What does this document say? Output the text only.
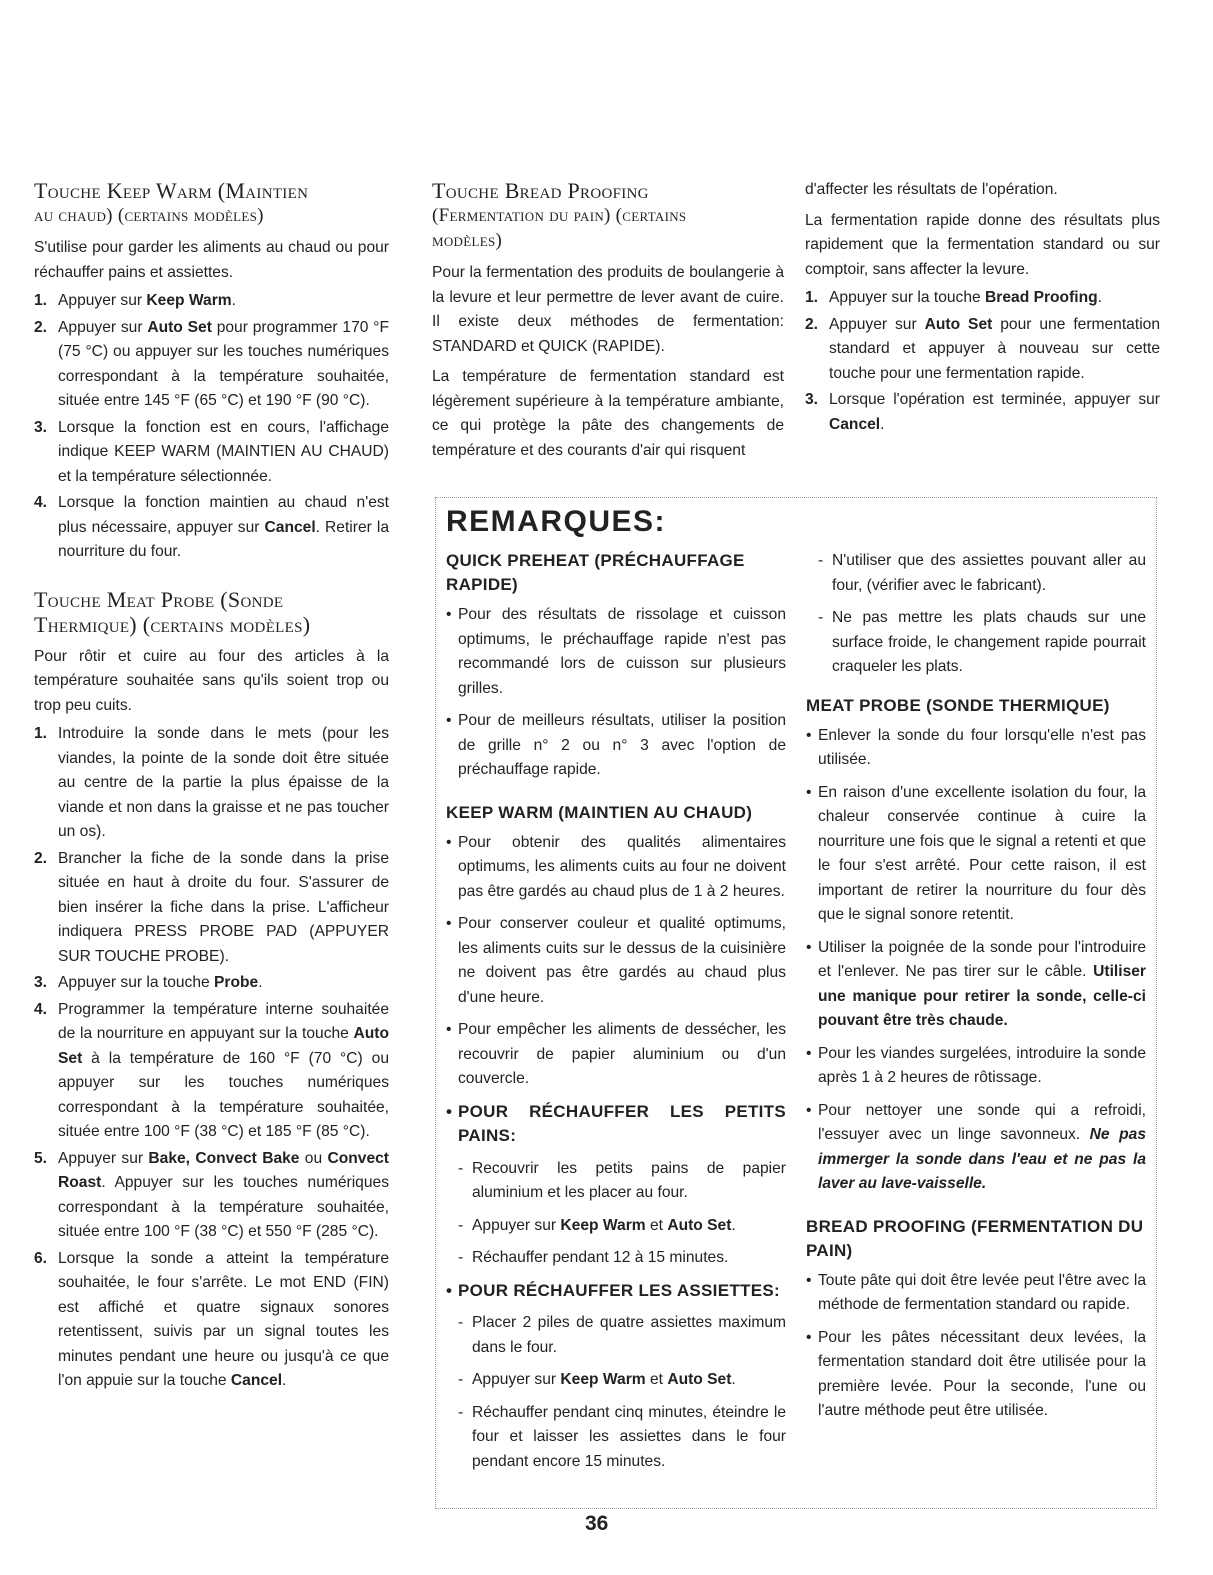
Touche Keep Warm (Maintien
au chaud) (certains modèles)

S'utilise pour garder les aliments au chaud ou pour réchauffer pains et assiettes.

1. Appuyer sur Keep Warm.
2. Appuyer sur Auto Set pour programmer 170 °F (75 °C) ou appuyer sur les touches numériques correspondant à la température souhaitée, située entre 145 °F (65 °C) et 190 °F (90 °C).
3. Lorsque la fonction est en cours, l'affichage indique KEEP WARM (MAINTIEN AU CHAUD) et la température sélectionnée.
4. Lorsque la fonction maintien au chaud n'est plus nécessaire, appuyer sur Cancel. Retirer la nourriture du four.
Touche Meat Probe (Sonde
Thermique) (certains modèles)

Pour rôtir et cuire au four des articles à la température souhaitée sans qu'ils soient trop ou trop peu cuits.

1. Introduire la sonde dans le mets (pour les viandes, la pointe de la sonde doit être située au centre de la partie la plus épaisse de la viande et non dans la graisse et ne pas toucher un os).
2. Brancher la fiche de la sonde dans la prise située en haut à droite du four. S'assurer de bien insérer la fiche dans la prise. L'afficheur indiquera PRESS PROBE PAD (APPUYER SUR TOUCHE PROBE).
3. Appuyer sur la touche Probe.
4. Programmer la température interne souhaitée de la nourriture en appuyant sur la touche Auto Set à la température de 160 °F (70 °C) ou appuyer sur les touches numériques correspondant à la température souhaitée, située entre 100 °F (38 °C) et 185 °F (85 °C).
5. Appuyer sur Bake, Convect Bake ou Convect Roast. Appuyer sur les touches numériques correspondant à la température souhaitée, située entre 100 °F (38 °C) et 550 °F (285 °C).
6. Lorsque la sonde a atteint la température souhaitée, le four s'arrête. Le mot END (FIN) est affiché et quatre signaux sonores retentissent, suivis par un signal toutes les minutes pendant une heure ou jusqu'à ce que l'on appuie sur la touche Cancel.
Touche Bread Proofing
(Fermentation du pain) (certains
modèles)

Pour la fermentation des produits de boulangerie à la levure et leur permettre de lever avant de cuire. Il existe deux méthodes de fermentation: STANDARD et QUICK (RAPIDE).

La température de fermentation standard est légèrement supérieure à la température ambiante, ce qui protège la pâte des changements de température et des courants d'air qui risquent

d'affecter les résultats de l'opération.

La fermentation rapide donne des résultats plus rapidement que la fermentation standard ou sur comptoir, sans affecter la levure.

1. Appuyer sur la touche Bread Proofing.
2. Appuyer sur Auto Set pour une fermentation standard et appuyer à nouveau sur cette touche pour une fermentation rapide.
3. Lorsque l'opération est terminée, appuyer sur Cancel.
REMARQUES:
QUICK PREHEAT (PRÉCHAUFFAGE RAPIDE)
• Pour des résultats de rissolage et cuisson optimums, le préchauffage rapide n'est pas recommandé lors de cuisson sur plusieurs grilles.
• Pour de meilleurs résultats, utiliser la position de grille n° 2 ou n° 3 avec l'option de préchauffage rapide.
KEEP WARM (MAINTIEN AU CHAUD)
• Pour obtenir des qualités alimentaires optimums, les aliments cuits au four ne doivent pas être gardés au chaud plus de 1 à 2 heures.
• Pour conserver couleur et qualité optimums, les aliments cuits sur le dessus de la cuisinière ne doivent pas être gardés au chaud plus d'une heure.
• Pour empêcher les aliments de dessécher, les recouvrir de papier aluminium ou d'un couvercle.
• POUR RÉCHAUFFER LES PETITS PAINS:
- Recouvrir les petits pains de papier aluminium et les placer au four.
- Appuyer sur Keep Warm et Auto Set.
- Réchauffer pendant 12 à 15 minutes.
• POUR RÉCHAUFFER LES ASSIETTES:
- Placer 2 piles de quatre assiettes maximum dans le four.
- Appuyer sur Keep Warm et Auto Set.
- Réchauffer pendant cinq minutes, éteindre le four et laisser les assiettes dans le four pendant encore 15 minutes.
- N'utiliser que des assiettes pouvant aller au four, (vérifier avec le fabricant).
- Ne pas mettre les plats chauds sur une surface froide, le changement rapide pourrait craqueler les plats.
MEAT PROBE (SONDE THERMIQUE)
• Enlever la sonde du four lorsqu'elle n'est pas utilisée.
• En raison d'une excellente isolation du four, la chaleur conservée continue à cuire la nourriture une fois que le signal a retenti et que le four s'est arrêté. Pour cette raison, il est important de retirer la nourriture du four dès que le signal sonore retentit.
• Utiliser la poignée de la sonde pour l'introduire et l'enlever. Ne pas tirer sur le câble. Utiliser une manique pour retirer la sonde, celle-ci pouvant être très chaude.
• Pour les viandes surgelées, introduire la sonde après 1 à 2 heures de rôtissage.
• Pour nettoyer une sonde qui a refroidi, l'essuyer avec un linge savonneux. Ne pas immerger la sonde dans l'eau et ne pas la laver au lave-vaisselle.
BREAD PROOFING (FERMENTATION DU PAIN)
• Toute pâte qui doit être levée peut l'être avec la méthode de fermentation standard ou rapide.
• Pour les pâtes nécessitant deux levées, la fermentation standard doit être utilisée pour la première levée. Pour la seconde, l'une ou l'autre méthode peut être utilisée.
36
